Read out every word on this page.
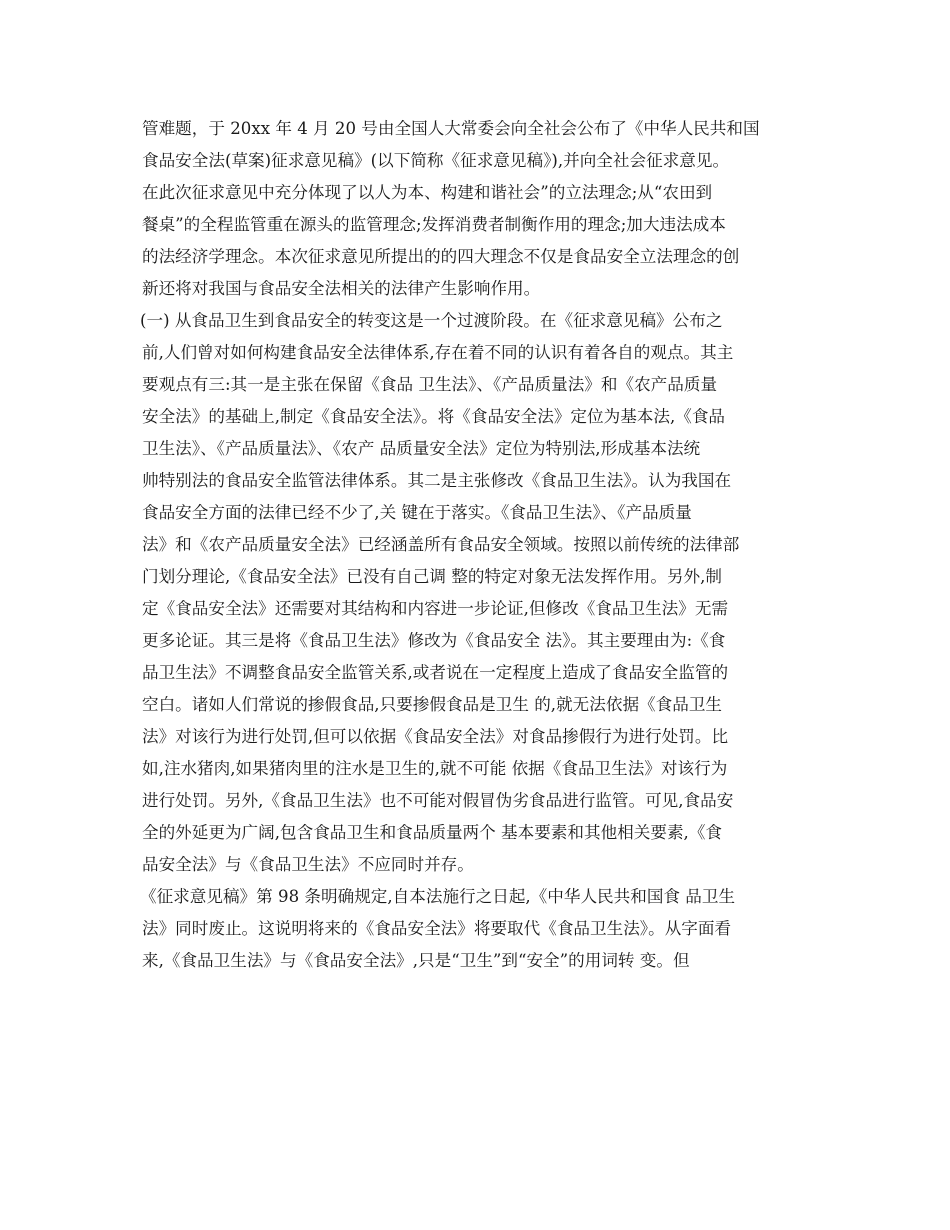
管难题，于 20xx 年 4 月 20 号由全国人大常委会向全社会公布了《中华人民共和国

食品安全法(草案)征求意见稿》(以下简称《征求意见稿》),并向全社会征求意见。

在此次征求意见中充分体现了以人为本、构建和谐社会”的立法理念;从“农田到

餐桌”的全程监管重在源头的监管理念;发挥消费者制衡作用的理念;加大违法成本

的法经济学理念。本次征求意见所提出的的四大理念不仅是食品安全立法理念的创

新还将对我国与食品安全法相关的法律产生影响作用。

(一) 从食品卫生到食品安全的转变这是一个过渡阶段。在《征求意见稿》公布之

前,人们曾对如何构建食品安全法律体系,存在着不同的认识有着各自的观点。其主

要观点有三:其一是主张在保留《食品 卫生法》、《产品质量法》和《农产品质量

安全法》的基础上,制定《食品安全法》。将《食品安全法》定位为基本法,《食品

卫生法》、《产品质量法》、《农产 品质量安全法》定位为特别法,形成基本法统

帅特别法的食品安全监管法律体系。其二是主张修改《食品卫生法》。认为我国在

食品安全方面的法律已经不少了,关 键在于落实。《食品卫生法》、《产品质量

法》和《农产品质量安全法》已经涵盖所有食品安全领域。按照以前传统的法律部

门划分理论,《食品安全法》已没有自己调 整的特定对象无法发挥作用。另外,制

定《食品安全法》还需要对其结构和内容进一步论证,但修改《食品卫生法》无需

更多论证。其三是将《食品卫生法》修改为《食品安全 法》。其主要理由为:《食

品卫生法》不调整食品安全监管关系,或者说在一定程度上造成了食品安全监管的

空白。诸如人们常说的掺假食品,只要掺假食品是卫生 的,就无法依据《食品卫生

法》对该行为进行处罚,但可以依据《食品安全法》对食品掺假行为进行处罚。比

如,注水猪肉,如果猪肉里的注水是卫生的,就不可能 依据《食品卫生法》对该行为

进行处罚。另外,《食品卫生法》也不可能对假冒伪劣食品进行监管。可见,食品安

全的外延更为广阔,包含食品卫生和食品质量两个 基本要素和其他相关要素,《食

品安全法》与《食品卫生法》不应同时并存。

《征求意见稿》第 98 条明确规定,自本法施行之日起,《中华人民共和国食 品卫生

法》同时废止。这说明将来的《食品安全法》将要取代《食品卫生法》。从字面看

来,《食品卫生法》与《食品安全法》,只是“卫生”到“安全”的用词转 变。但
